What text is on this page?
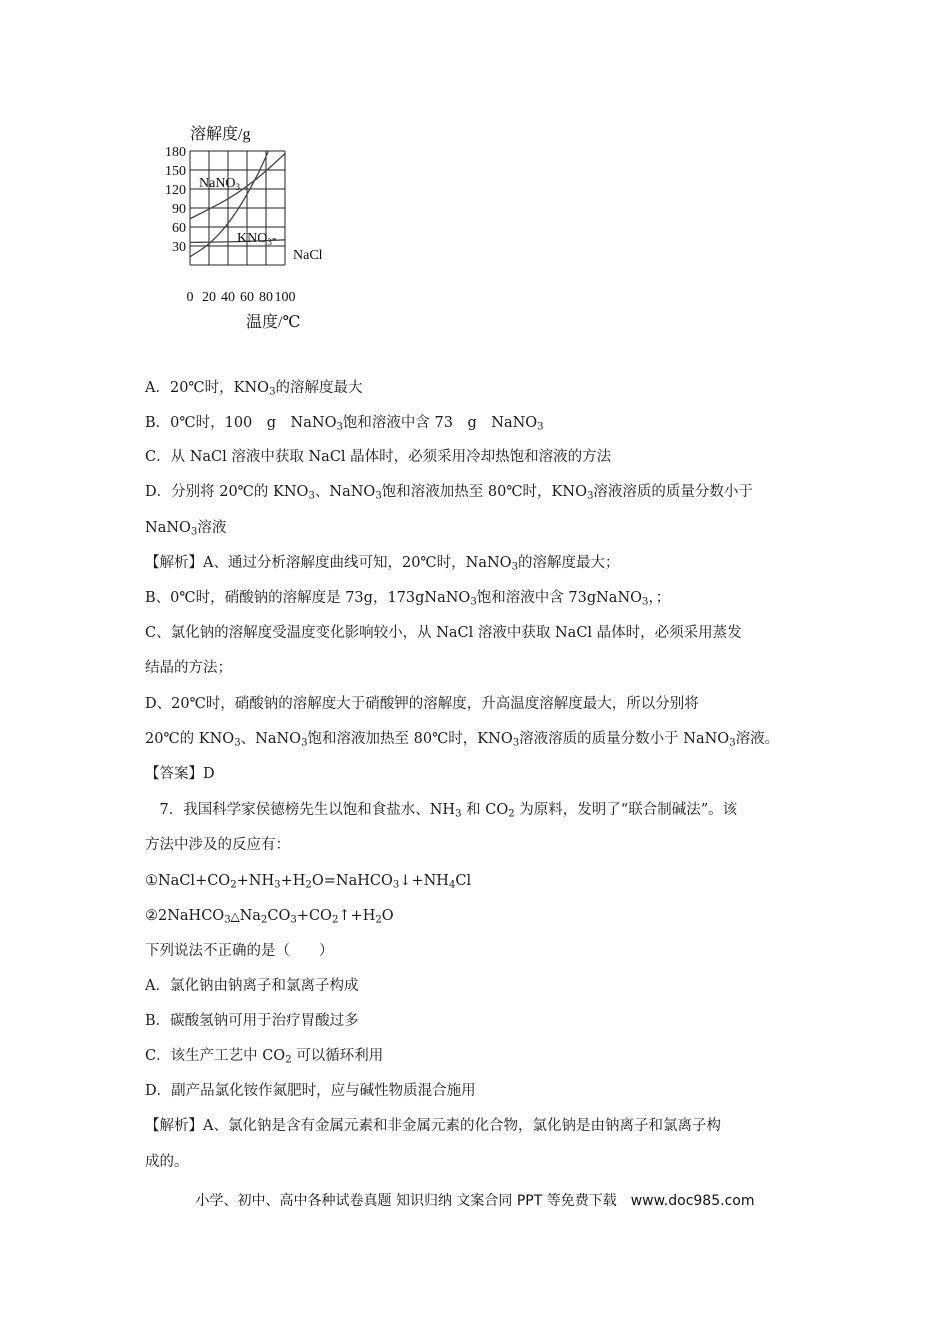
0 20 40 60 80 100
30
60
90
120
150
180
溶解度/g
温度/℃
NaNO$_3$
$KNO_3-$
NaCl
A．20℃时，$KNO_3$的溶解度最大
B．0℃时，100　g　NaNO$_3$饱和溶液中含 73　g　NaNO$_3$
C．从 NaCl 溶液中获取 NaCl 晶体时，必须采用冷却热饱和溶液的方法
D．分别将 20℃的 $KNO_3$、NaNO$_3$饱和溶液加热至 80℃时，$KNO_3$溶液溶质的质量分数小于
NaNO$_3$溶液
【解析】A、通过分析溶解度曲线可知，20℃时，NaNO$_3$的溶解度最大；
B、0℃时，硝酸钠的溶解度是 73g，173gNaNO$_3$饱和溶液中含 73gNaNO$_3$，；
C、氯化钠的溶解度受温度变化影响较小，从 NaCl 溶液中获取 NaCl 晶体时，必须采用蒸发
结晶的方法；
D、20℃时，硝酸钠的溶解度大于硝酸钾的溶解度，升高温度溶解度最大，所以分别将
20℃的 $KNO_3$、NaNO$_3$饱和溶液加热至 80℃时，$KNO_3$溶液溶质的质量分数小于 NaNO$_3$溶液。
【答案】D
　7．我国科学家侯德榜先生以饱和食盐水、$NH_3$ 和 $CO_2$ 为原料，发明了“联合制碱法”。该
方法中涉及的反应有：
$①NaCl+CO_2+NH_3+H_2O=NaHCO_3↓+NH_4Cl$
$②2NaHCO_3\triangle Na_2CO_3+CO_2↑+H_2O$
下列说法不正确的是（　　）
A．氯化钠由钠离子和氯离子构成
B．碳酸氢钠可用于治疗胃酸过多
C．该生产工艺中 $CO_2$ 可以循环利用
D．副产品氯化铵作氮肥时，应与碱性物质混合施用
【解析】A、氯化钠是含有金属元素和非金属元素的化合物，氯化钠是由钠离子和氯离子构
成的。
小学、初中、高中各种试卷真题 知识归纳 文案合同 PPT 等免费下载　www.doc985.com
